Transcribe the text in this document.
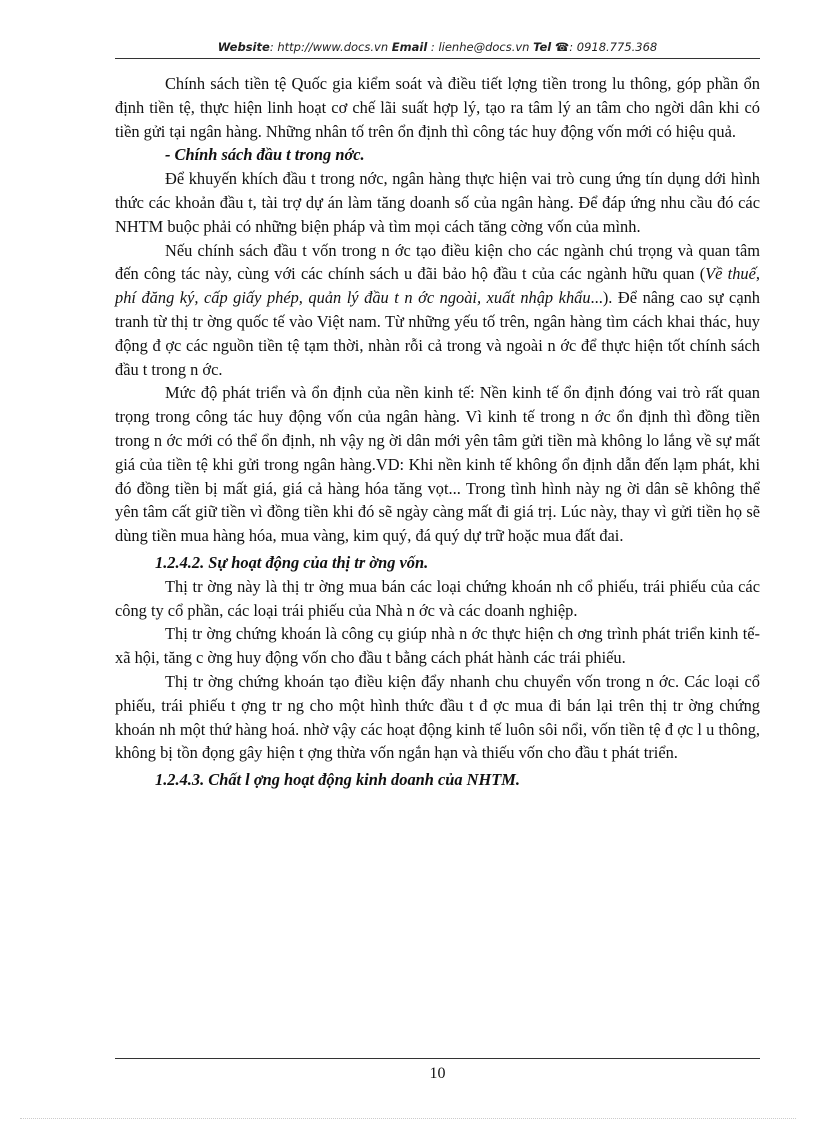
Website: http://www.docs.vn Email : lienhe@docs.vn Tel ☎: 0918.775.368

Chính sách tiền tệ Quốc gia kiểm soát và điều tiết lợng tiền trong lu thông, góp phần ổn định tiền tệ, thực hiện linh hoạt cơ chế lãi suất hợp lý, tạo ra tâm lý an tâm cho ngời dân khi có tiền gửi tại ngân hàng. Những nhân tố trên ổn định thì công tác huy động vốn mới có hiệu quả.

- Chính sách đầu t trong nớc.

Để khuyến khích đầu t trong nớc, ngân hàng thực hiện vai trò cung ứng tín dụng dới hình thức các khoản đầu t, tài trợ dự án làm tăng doanh số của ngân hàng. Để đáp ứng nhu cầu đó các NHTM buộc phải có những biện pháp và tìm mọi cách tăng cờng vốn của mình.

Nếu chính sách đầu t vốn trong n ớc tạo điều kiện cho các ngành chú trọng và quan tâm đến công tác này, cùng với các chính sách u đãi bảo hộ đầu t của các ngành hữu quan (Về thuế, phí đăng ký, cấp giấy phép, quản lý đầu t n ớc ngoài, xuất nhập khẩu...). Để nâng cao sự cạnh tranh từ thị tr ờng quốc tế vào Việt nam. Từ những yếu tố trên, ngân hàng tìm cách khai thác, huy động đ ợc các nguồn tiền tệ tạm thời, nhàn rỗi cả trong và ngoài n ớc để thực hiện tốt chính sách đầu t trong n ớc.

Mức độ phát triển và ổn định của nền kinh tế: Nền kinh tế ổn định đóng vai trò rất quan trọng trong công tác huy động vốn của ngân hàng. Vì kinh tế trong n ớc ổn định thì đồng tiền trong n ớc mới có thể ổn định, nh vậy ng ời dân mới yên tâm gửi tiền mà không lo lắng về sự mất giá của tiền tệ khi gửi trong ngân hàng.VD: Khi nền kinh tế không ổn định dẫn đến lạm phát, khi đó đồng tiền bị mất giá, giá cả hàng hóa tăng vọt... Trong tình hình này ng ời dân sẽ không thể yên tâm cất giữ tiền vì đồng tiền khi đó sẽ ngày càng mất đi giá trị. Lúc này, thay vì gửi tiền họ sẽ dùng tiền mua hàng hóa, mua vàng, kim quý, đá quý dự trữ hoặc mua đất đai.

1.2.4.2. Sự hoạt động của thị tr ờng vốn.

Thị tr ờng này là thị tr ờng mua bán các loại chứng khoán nh cổ phiếu, trái phiếu của các công ty cổ phần, các loại trái phiếu của Nhà n ớc và các doanh nghiệp.

Thị tr ờng chứng khoán là công cụ giúp nhà n ớc thực hiện ch ơng trình phát triển kinh tế- xã hội, tăng c ờng huy động vốn cho đầu t bằng cách phát hành các trái phiếu.

Thị tr ờng chứng khoán tạo điều kiện đẩy nhanh chu chuyển vốn trong n ớc. Các loại cổ phiếu, trái phiếu t ợng tr ng cho một hình thức đầu t đ ợc mua đi bán lại trên thị tr ờng chứng khoán nh một thứ hàng hoá. nhờ vậy các hoạt động kinh tế luôn sôi nổi, vốn tiền tệ đ ợc l u thông, không bị tồn đọng gây hiện t ợng thừa vốn ngắn hạn và thiếu vốn cho đầu t phát triển.

1.2.4.3. Chất l ợng hoạt động kinh doanh của NHTM.

10
